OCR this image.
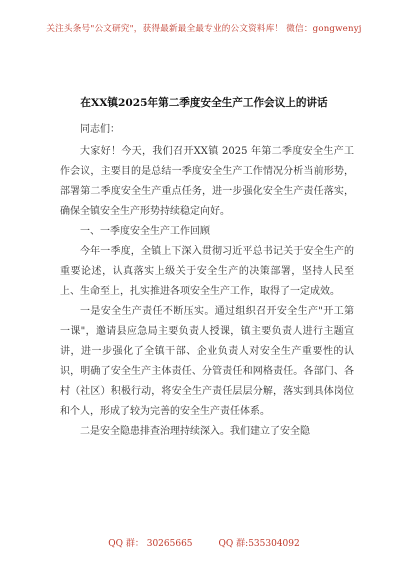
关注头条号"公文研究"，获得最新最全最专业的公文资料库！ 微信：gongwenyj
在XX镇2025年第二季度安全生产工作会议上的讲话

同志们：

大家好！今天，我们召开XX镇 2025 年第二季度安全生产工作会议，主要目的是总结一季度安全生产工作情况分析当前形势，部署第二季度安全生产重点任务，进一步强化安全生产责任落实，确保全镇安全生产形势持续稳定向好。

一、一季度安全生产工作回顾

今年一季度，全镇上下深入贯彻习近平总书记关于安全生产的重要论述，认真落实上级关于安全生产的决策部署，坚持人民至上、生命至上，扎实推进各项安全生产工作，取得了一定成效。

一是安全生产责任不断压实。通过组织召开安全生产"开工第一课"，邀请县应急局主要负责人授课，镇主要负责人进行主题宣讲，进一步强化了全镇干部、企业负责人对安全生产重要性的认识，明确了安全生产主体责任、分管责任和网格责任。各部门、各村（社区）积极行动，将安全生产责任层层分解，落实到具体岗位和个人，形成了较为完善的安全生产责任体系。

二是安全隐患排查治理持续深入。我们建立了安全隐

QQ 群： 30265665	QQ 群:535304092
